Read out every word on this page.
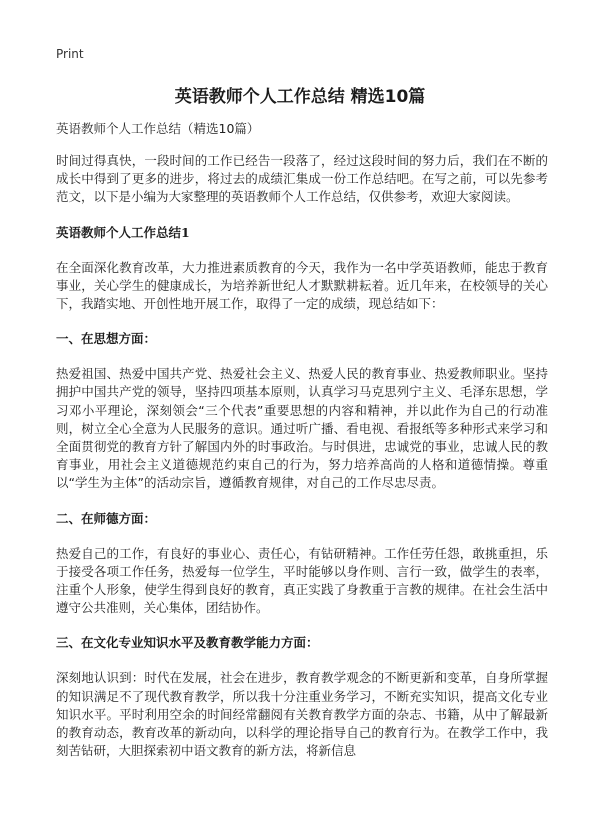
Print
英语教师个人工作总结 精选10篇

英语教师个人工作总结（精选10篇）

时间过得真快，一段时间的工作已经告一段落了，经过这段时间的努力后，我们在不断的成长中得到了更多的进步，将过去的成绩汇集成一份工作总结吧。在写之前，可以先参考范文，以下是小编为大家整理的英语教师个人工作总结，仅供参考，欢迎大家阅读。

英语教师个人工作总结1

在全面深化教育改革，大力推进素质教育的今天，我作为一名中学英语教师，能忠于教育事业，关心学生的健康成长，为培养新世纪人才默默耕耘着。近几年来，在校领导的关心下，我踏实地、开创性地开展工作，取得了一定的成绩，现总结如下：

一、在思想方面：

热爱祖国、热爱中国共产党、热爱社会主义、热爱人民的教育事业、热爱教师职业。坚持拥护中国共产党的领导，坚持四项基本原则，认真学习马克思列宁主义、毛泽东思想，学习邓小平理论，深刻领会“三个代表”重要思想的内容和精神，并以此作为自己的行动准则，树立全心全意为人民服务的意识。通过听广播、看电视、看报纸等多种形式来学习和全面贯彻党的教育方针了解国内外的时事政治。与时俱进，忠诚党的事业，忠诚人民的教育事业，用社会主义道德规范约束自己的行为，努力培养高尚的人格和道德情操。尊重以“学生为主体”的活动宗旨，遵循教育规律，对自己的工作尽忠尽责。

二、在师德方面：

热爱自己的工作，有良好的事业心、责任心，有钻研精神。工作任劳任怨，敢挑重担，乐于接受各项工作任务，热爱每一位学生，平时能够以身作则、言行一致，做学生的表率，注重个人形象，使学生得到良好的教育，真正实践了身教重于言教的规律。在社会生活中遵守公共准则，关心集体，团结协作。

三、在文化专业知识水平及教育教学能力方面：

深刻地认识到：时代在发展，社会在进步，教育教学观念的不断更新和变革，自身所掌握的知识满足不了现代教育教学，所以我十分注重业务学习，不断充实知识，提高文化专业知识水平。平时利用空余的时间经常翻阅有关教育教学方面的杂志、书籍，从中了解最新的教育动态，教育改革的新动向，以科学的理论指导自己的教育行为。在教学工作中，我刻苦钻研，大胆探索初中语文教育的新方法，将新信息
